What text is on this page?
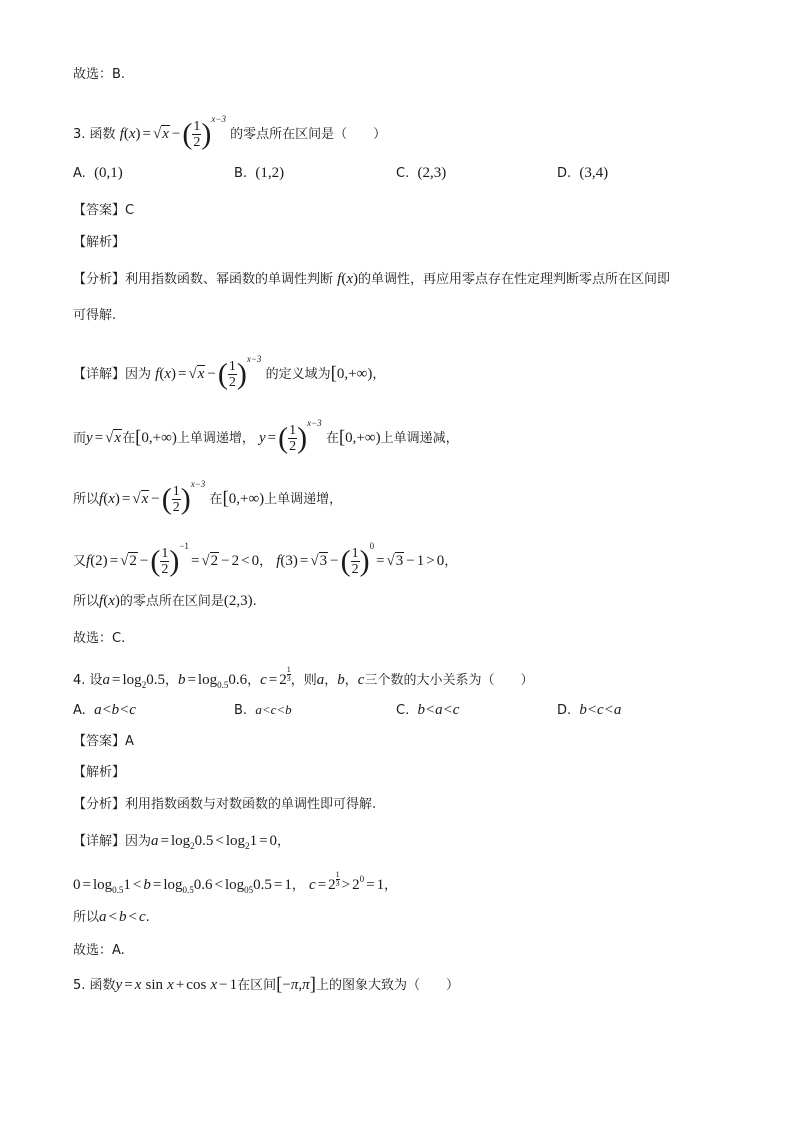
故选：B.
3. 函数 f(x) = √x −( $\frac{1}{2} )^{x-3}$ 的零点所在区间是（　　）
A. (0,1)	B. (1,2)	C. (2,3)	D. (3,4)
【答案】C
【解析】
【分析】利用指数函数、幂函数的单调性判断 f(x)的单调性，再应用零点存在性定理判断零点所在区间即
可得解.
【详解】因为 f(x) = √x −( $\frac{1}{2} )^{x-3}$ 的定义域为[0,+∞)，
而y = √x在[0,+∞)上单调递增， y =( $\frac{1}{2} )^{x-3}$ 在[0,+∞)上单调递减，
所以f(x) = √x −( $\frac{1}{2} )^{x-3}$ 在[0,+∞)上单调递增，
又f(2) = √2 −( $\frac{1}{2} )^{-1}= √2 - 2 < 0$， f(3) = √3 −( $\frac{1}{2} )^0= √3 - 1 > 0$，
所以f(x)的零点所在区间是(2,3).
故选：C.
4. 设$a = \log_20.5$，$b = \log_{0.5}0.6$，$c = 2 \frac{1}{3}$ ，则a，b，c三个数的大小关系为（　　）
A. a<b<c	B. a<c<b	C. b<a<c	D. b<c<a
【答案】A
【解析】
【分析】利用指数函数与对数函数的单调性即可得解.
【详解】因为$a = \log_20.5 < \log_21 = 0$，
$0 = \log_{0.5}1 < b = \log_{0.5}0.6 < \log_{05}0.5 = 1$， $c = 2 \frac{1}{3} > 2^0 = 1$，
所以a < b < c.
故选：A.
5. 函数y = x sin x + cos x − 1在区间[−π,π]上的图象大致为（　　）
